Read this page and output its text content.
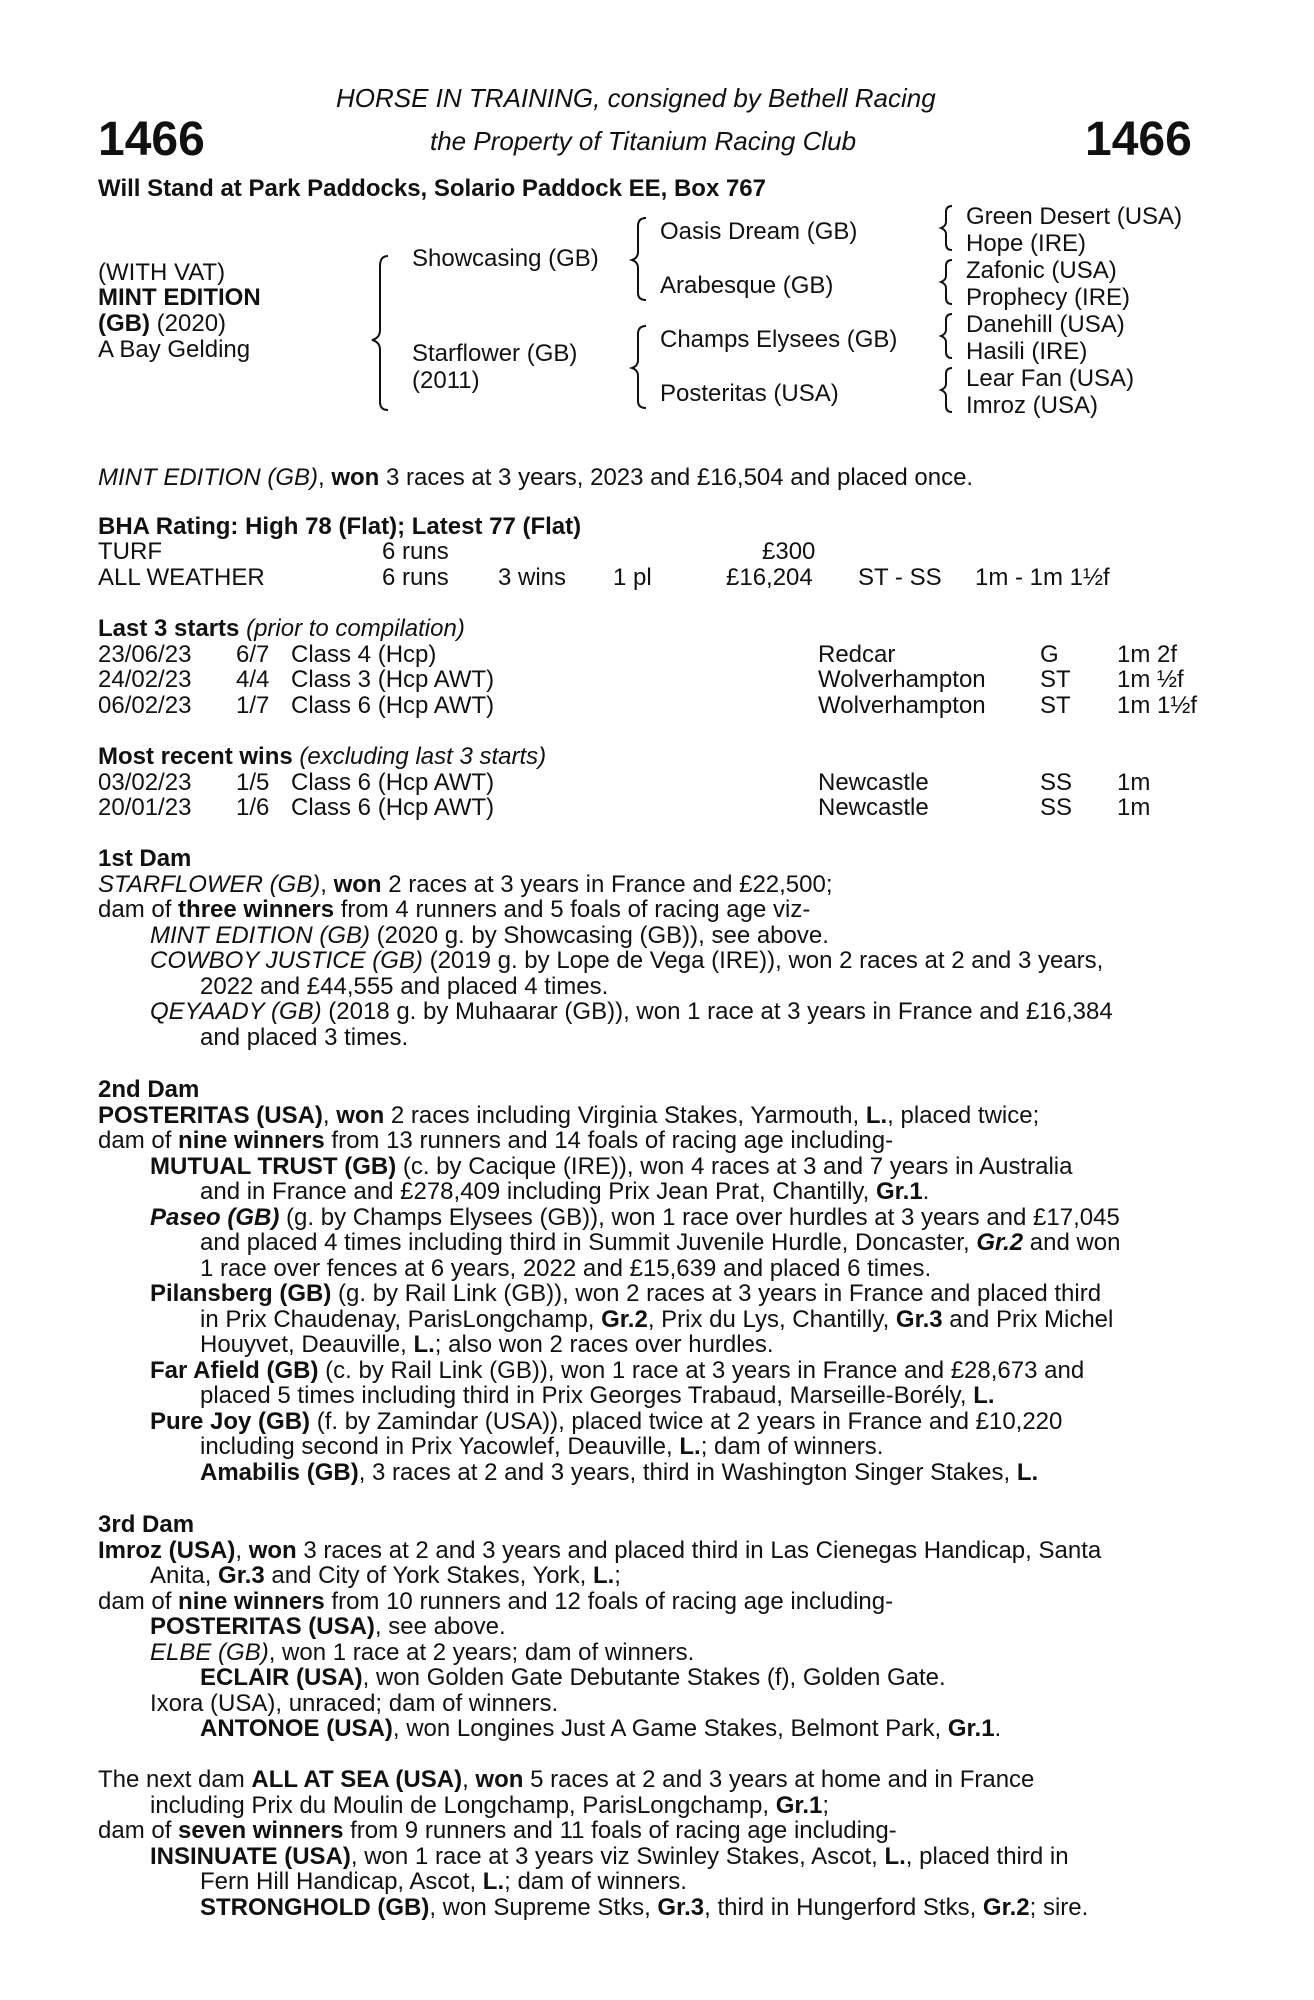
HORSE IN TRAINING, consigned by Bethell Racing
1466	the Property of Titanium Racing Club	1466
Will Stand at Park Paddocks, Solario Paddock EE, Box 767
(WITH VAT)
MINT EDITION
(GB) (2020)
A Bay Gelding
Showcasing (GB)
Starflower (GB)
(2011)
Oasis Dream (GB)
Arabesque (GB)
Champs Elysees (GB)
Posteritas (USA)
Green Desert (USA)
Hope (IRE)
Zafonic (USA)
Prophecy (IRE)
Danehill (USA)
Hasili (IRE)
Lear Fan (USA)
Imroz (USA)
MINT EDITION (GB), won 3 races at 3 years, 2023 and £16,504 and placed once.
BHA Rating: High 78 (Flat); Latest 77 (Flat)
TURF	6 runs	£300
ALL WEATHER	6 runs 3 wins 1 pl	£16,204 ST - SS 1m - 1m 1½f
Last 3 starts (prior to compilation)
23/06/23 6/7 Class 4 (Hcp)	Redcar	G 1m 2f
24/02/23 4/4 Class 3 (Hcp AWT)	Wolverhampton ST 1m ½f
06/02/23 1/7 Class 6 (Hcp AWT)	Wolverhampton ST 1m 1½f
Most recent wins (excluding last 3 starts)
03/02/23 1/5 Class 6 (Hcp AWT)	Newcastle	SS 1m
20/01/23 1/6 Class 6 (Hcp AWT)	Newcastle	SS 1m
1st Dam
STARFLOWER (GB), won 2 races at 3 years in France and £22,500;
dam of three winners from 4 runners and 5 foals of racing age viz-
MINT EDITION (GB) (2020 g. by Showcasing (GB)), see above.
COWBOY JUSTICE (GB) (2019 g. by Lope de Vega (IRE)), won 2 races at 2 and 3 years,
2022 and £44,555 and placed 4 times.
QEYAADY (GB) (2018 g. by Muhaarar (GB)), won 1 race at 3 years in France and £16,384
and placed 3 times.
2nd Dam
POSTERITAS (USA), won 2 races including Virginia Stakes, Yarmouth, L., placed twice;
dam of nine winners from 13 runners and 14 foals of racing age including-
MUTUAL TRUST (GB) (c. by Cacique (IRE)), won 4 races at 3 and 7 years in Australia
and in France and £278,409 including Prix Jean Prat, Chantilly, Gr.1.
Paseo (GB) (g. by Champs Elysees (GB)), won 1 race over hurdles at 3 years and £17,045
and placed 4 times including third in Summit Juvenile Hurdle, Doncaster, Gr.2 and won
1 race over fences at 6 years, 2022 and £15,639 and placed 6 times.
Pilansberg (GB) (g. by Rail Link (GB)), won 2 races at 3 years in France and placed third
in Prix Chaudenay, ParisLongchamp, Gr.2, Prix du Lys, Chantilly, Gr.3 and Prix Michel
Houyvet, Deauville, L.; also won 2 races over hurdles.
Far Afield (GB) (c. by Rail Link (GB)), won 1 race at 3 years in France and £28,673 and
placed 5 times including third in Prix Georges Trabaud, Marseille-Borély, L.
Pure Joy (GB) (f. by Zamindar (USA)), placed twice at 2 years in France and £10,220
including second in Prix Yacowlef, Deauville, L.; dam of winners.
Amabilis (GB), 3 races at 2 and 3 years, third in Washington Singer Stakes, L.
3rd Dam
Imroz (USA), won 3 races at 2 and 3 years and placed third in Las Cienegas Handicap, Santa
Anita, Gr.3 and City of York Stakes, York, L.;
dam of nine winners from 10 runners and 12 foals of racing age including-
POSTERITAS (USA), see above.
ELBE (GB), won 1 race at 2 years; dam of winners.
ECLAIR (USA), won Golden Gate Debutante Stakes (f), Golden Gate.
Ixora (USA), unraced; dam of winners.
ANTONOE (USA), won Longines Just A Game Stakes, Belmont Park, Gr.1.
The next dam ALL AT SEA (USA), won 5 races at 2 and 3 years at home and in France
including Prix du Moulin de Longchamp, ParisLongchamp, Gr.1;
dam of seven winners from 9 runners and 11 foals of racing age including-
INSINUATE (USA), won 1 race at 3 years viz Swinley Stakes, Ascot, L., placed third in
Fern Hill Handicap, Ascot, L.; dam of winners.
STRONGHOLD (GB), won Supreme Stks, Gr.3, third in Hungerford Stks, Gr.2; sire.
